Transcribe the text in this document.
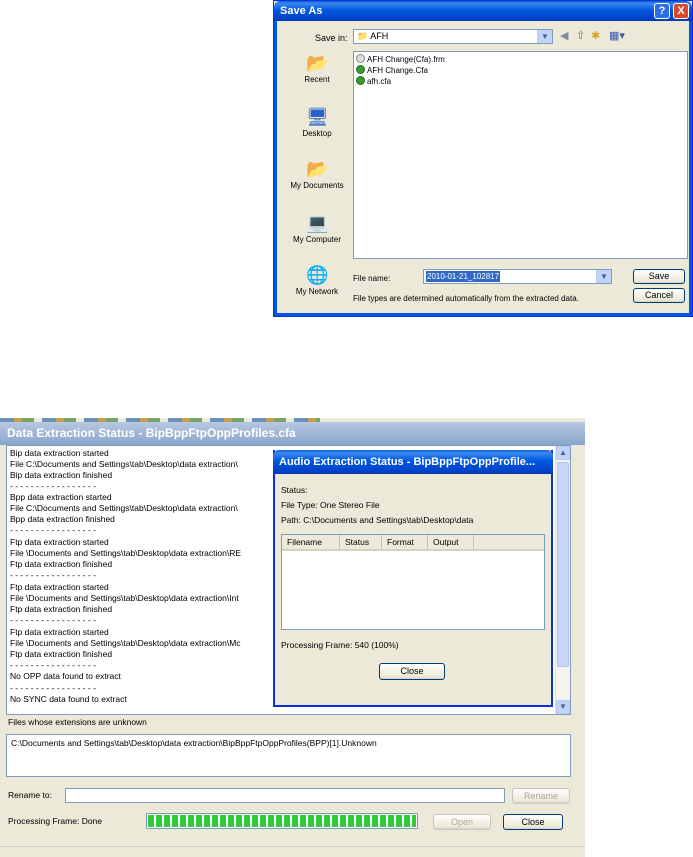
Save As	?	X
Save in:	📁 AFH	▼ ◀ ⇧ ✱ ▦▾
📂
Recent
🖥
Desktop
📂
My Documents
💻
My Computer
🌐
My Network
AFH Change(Cfa).frm
AFH Change.Cfa
afh.cfa
File name:	2010-01-21_102817	▼
File types are determined automatically from the extracted data.
Save
Cancel
Data Extraction Status - BipBppFtpOppProfiles.cfa
Bip data extraction started
File C:\Documents and Settings\tab\Desktop\data extraction\
Bip data extraction finished
- - - - - - - - - - - - - - - - -
Bpp data extraction started
File C:\Documents and Settings\tab\Desktop\data extraction\
Bpp data extraction finished
- - - - - - - - - - - - - - - - -
Ftp data extraction started
File \Documents and Settings\tab\Desktop\data extraction\RE
Ftp data extraction finished
- - - - - - - - - - - - - - - - -
Ftp data extraction started
File \Documents and Settings\tab\Desktop\data extraction\Int
Ftp data extraction finished
- - - - - - - - - - - - - - - - -
Ftp data extraction started
File \Documents and Settings\tab\Desktop\data extraction\Mc
Ftp data extraction finished
- - - - - - - - - - - - - - - - -
No OPP data found to extract
- - - - - - - - - - - - - - - - -
No SYNC data found to extract
▲
▼
Files whose extensions are unknown
C:\Documents and Settings\tab\Desktop\data extraction\BipBppFtpOppProfiles(BPP)[1].Unknown
Rename to:	Rename
Processing Frame: Done	Open	Close
Audio Extraction Status - BipBppFtpOppProfile...
Status:
File Type: One Stereo File
Path: C:\Documents and Settings\tab\Desktop\data
Filename	Status	Format	Output
Processing Frame: 540 (100%)
Close
